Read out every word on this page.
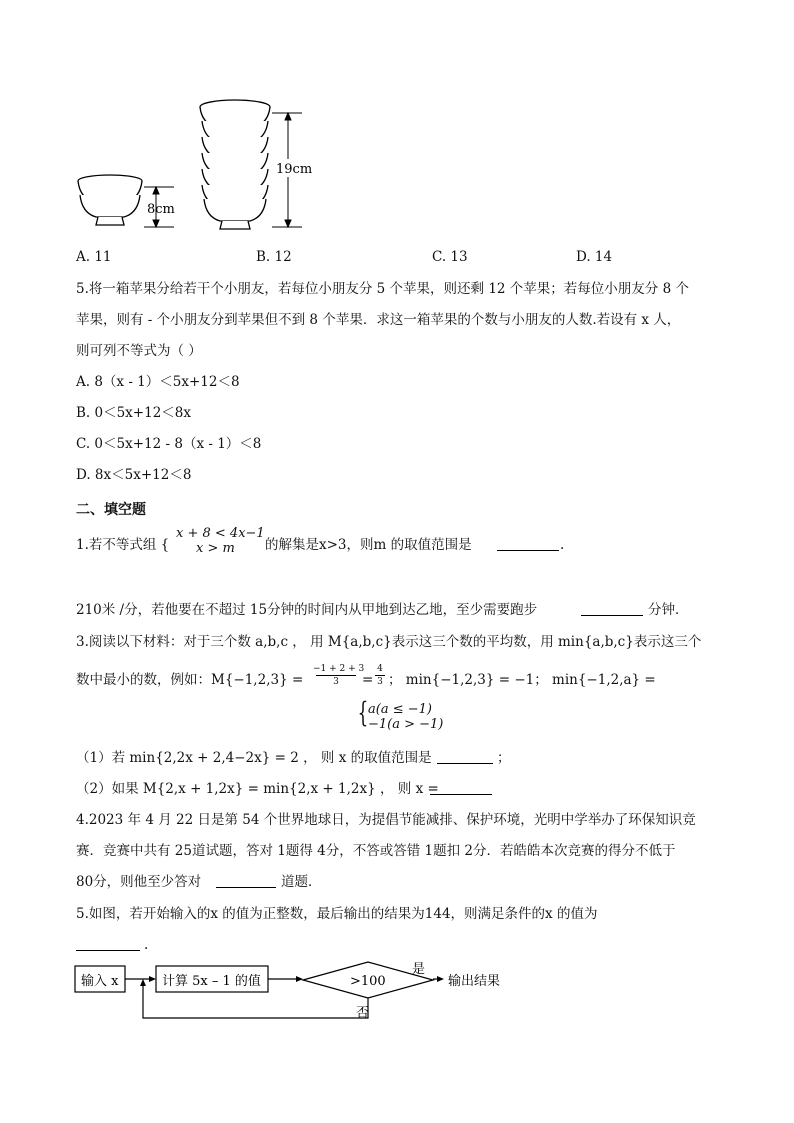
8cm
19cm
A. 11	B. 12	C. 13	D. 14
5.将一箱苹果分给若干个小朋友，若每位小朋友分 5 个苹果，则还剩 12 个苹果；若每位小朋友分 8 个
苹果，则有 - 个小朋友分到苹果但不到 8 个苹果．求这一箱苹果的个数与小朋友的人数.若设有 x 人，
则可列不等式为（ ）
A. 8（x - 1）＜5x+12＜8
B. 0＜5x+12＜8x
C. 0＜5x+12 - 8（x - 1）＜8
D. 8x＜5x+12＜8
二、填空题
1.若不等式组 {
x + 8 < 4x−1
x > m 的解集是x>3，则m 的取值范围是	.
210米 /分，若他要在不超过 15分钟的时间内从甲地到达乙地，至少需要跑步	分钟．
3.阅读以下材料：对于三个数 a,b,c ， 用 M{a,b,c}表示这三个数的平均数，用 min{a,b,c}表示这三个
数中最小的数，例如：M{−1,2,3} =
−1 + 2 + 3
3	=
4
3 ； min{−1,2,3} = −1； min{−1,2,a} =
{ a(a ≤ −1)
−1(a > −1)
（1）若 min{2,2x + 2,4−2x} = 2 ， 则 x 的取值范围是	；
（2）如果 M{2,x + 1,2x} = min{2,x + 1,2x} ， 则 x =
4.2023 年 4 月 22 日是第 54 个世界地球日，为提倡节能减排、保护环境，光明中学举办了环保知识竞
赛．竞赛中共有 25道试题，答对 1题得 4分，不答或答错 1题扣 2分．若皓皓本次竞赛的得分不低于
80分，则他至少答对	道题．
5.如图，若开始输入的x 的值为正整数，最后输出的结果为144，则满足条件的x 的值为
.
输入 x	计算 5x – 1 的值	>100
是
输出结果
否
